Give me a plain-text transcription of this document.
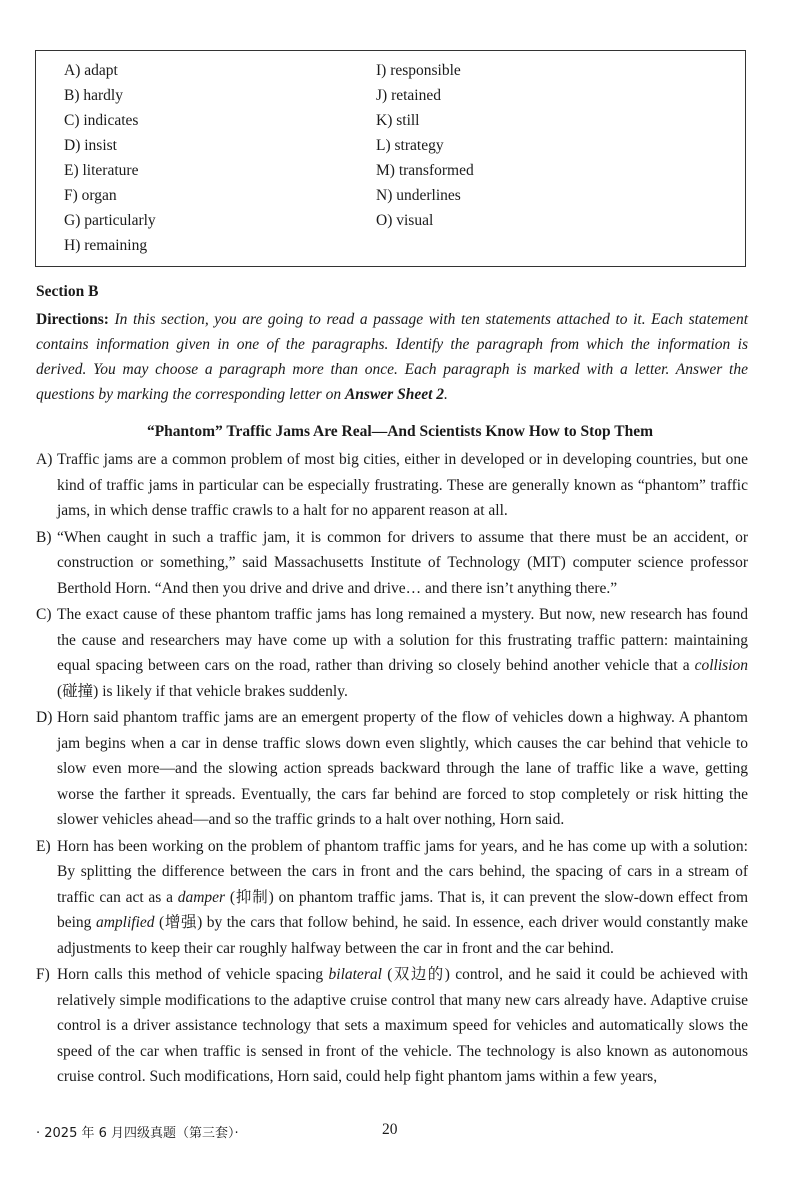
A) adapt
B) hardly
C) indicates
D) insist
E) literature
F) organ
G) particularly
H) remaining
I) responsible
J) retained
K) still
L) strategy
M) transformed
N) underlines
O) visual
Section B
Directions: In this section, you are going to read a passage with ten statements attached to it. Each statement contains information given in one of the paragraphs. Identify the paragraph from which the information is derived. You may choose a paragraph more than once. Each paragraph is marked with a letter. Answer the questions by marking the corresponding letter on Answer Sheet 2.
“Phantom” Traffic Jams Are Real—And Scientists Know How to Stop Them
A) Traffic jams are a common problem of most big cities, either in developed or in developing countries, but one kind of traffic jams in particular can be especially frustrating. These are generally known as “phantom” traffic jams, in which dense traffic crawls to a halt for no apparent reason at all.
B) “When caught in such a traffic jam, it is common for drivers to assume that there must be an accident, or construction or something,” said Massachusetts Institute of Technology (MIT) computer science professor Berthold Horn. “And then you drive and drive and drive… and there isn’t anything there.”
C) The exact cause of these phantom traffic jams has long remained a mystery. But now, new research has found the cause and researchers may have come up with a solution for this frustrating traffic pattern: maintaining equal spacing between cars on the road, rather than driving so closely behind another vehicle that a collision (碰撞) is likely if that vehicle brakes suddenly.
D) Horn said phantom traffic jams are an emergent property of the flow of vehicles down a highway. A phantom jam begins when a car in dense traffic slows down even slightly, which causes the car behind that vehicle to slow even more—and the slowing action spreads backward through the lane of traffic like a wave, getting worse the farther it spreads. Eventually, the cars far behind are forced to stop completely or risk hitting the slower vehicles ahead—and so the traffic grinds to a halt over nothing, Horn said.
E) Horn has been working on the problem of phantom traffic jams for years, and he has come up with a solution: By splitting the difference between the cars in front and the cars behind, the spacing of cars in a stream of traffic can act as a damper (抑制) on phantom traffic jams. That is, it can prevent the slow-down effect from being amplified (增强) by the cars that follow behind, he said. In essence, each driver would constantly make adjustments to keep their car roughly halfway between the car in front and the car behind.
F) Horn calls this method of vehicle spacing bilateral (双边的) control, and he said it could be achieved with relatively simple modifications to the adaptive cruise control that many new cars already have. Adaptive cruise control is a driver assistance technology that sets a maximum speed for vehicles and automatically slows the speed of the car when traffic is sensed in front of the vehicle. The technology is also known as autonomous cruise control. Such modifications, Horn said, could help fight phantom jams within a few years,
· 2025 年 6 月四级真题（第三套）·	20
